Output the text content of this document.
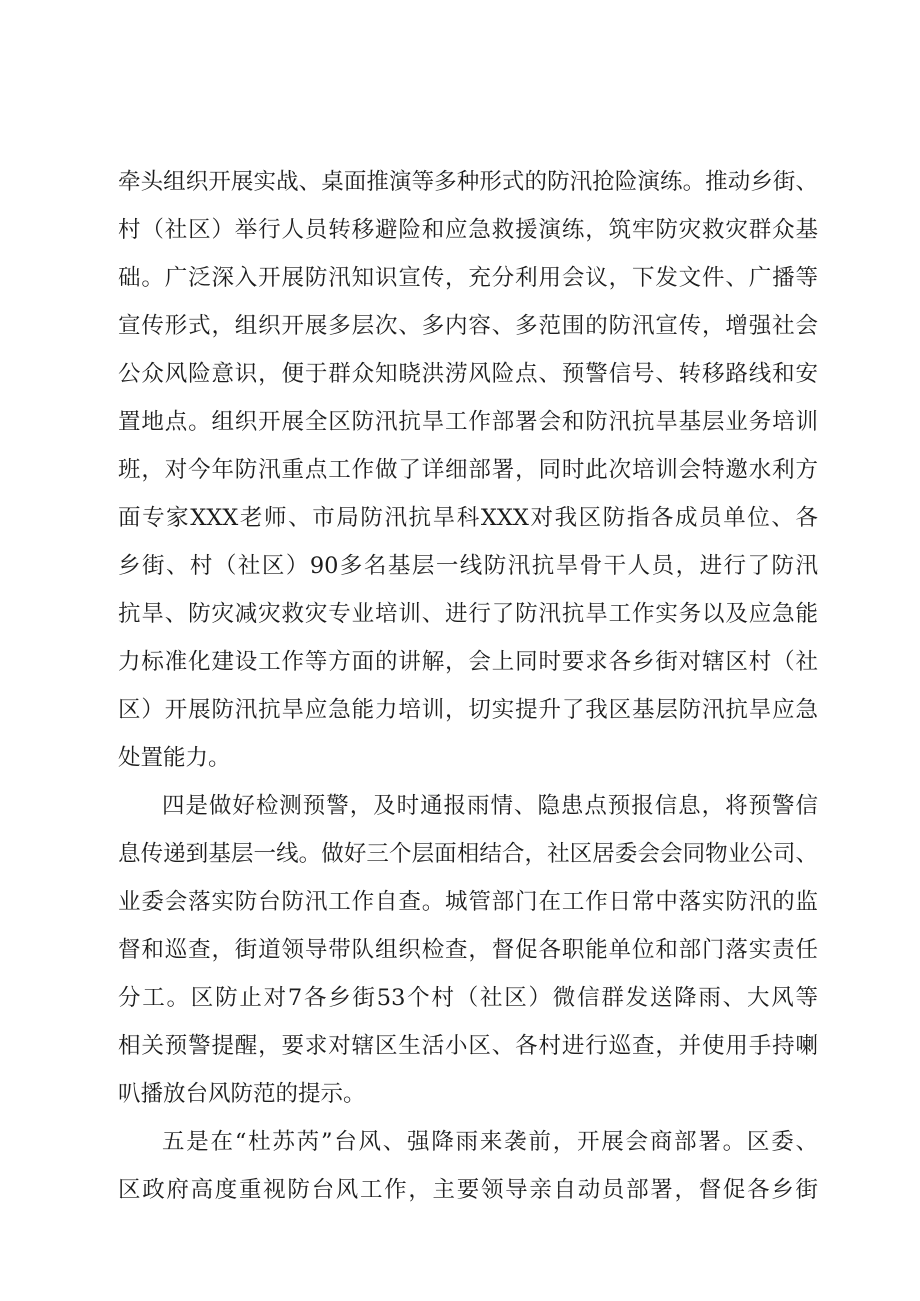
牵头组织开展实战、桌面推演等多种形式的防汛抢险演练。推动乡街、
村（社区）举行人员转移避险和应急救援演练，筑牢防灾救灾群众基
础。广泛深入开展防汛知识宣传，充分利用会议，下发文件、广播等
宣传形式，组织开展多层次、多内容、多范围的防汛宣传，增强社会
公众风险意识，便于群众知晓洪涝风险点、预警信号、转移路线和安
置地点。组织开展全区防汛抗旱工作部署会和防汛抗旱基层业务培训
班，对今年防汛重点工作做了详细部署，同时此次培训会特邀水利方
面专家XXX老师、市局防汛抗旱科XXX对我区防指各成员单位、各
乡街、村（社区）90多名基层一线防汛抗旱骨干人员，进行了防汛
抗旱、防灾减灾救灾专业培训、进行了防汛抗旱工作实务以及应急能
力标准化建设工作等方面的讲解，会上同时要求各乡街对辖区村（社
区）开展防汛抗旱应急能力培训，切实提升了我区基层防汛抗旱应急
处置能力。
四是做好检测预警，及时通报雨情、隐患点预报信息，将预警信
息传递到基层一线。做好三个层面相结合，社区居委会会同物业公司、
业委会落实防台防汛工作自查。城管部门在工作日常中落实防汛的监
督和巡查，街道领导带队组织检查，督促各职能单位和部门落实责任
分工。区防止对7各乡街53个村（社区）微信群发送降雨、大风等
相关预警提醒，要求对辖区生活小区、各村进行巡查，并使用手持喇
叭播放台风防范的提示。
五是在“杜苏芮”台风、强降雨来袭前，开展会商部署。区委、
区政府高度重视防台风工作，主要领导亲自动员部署，督促各乡街
